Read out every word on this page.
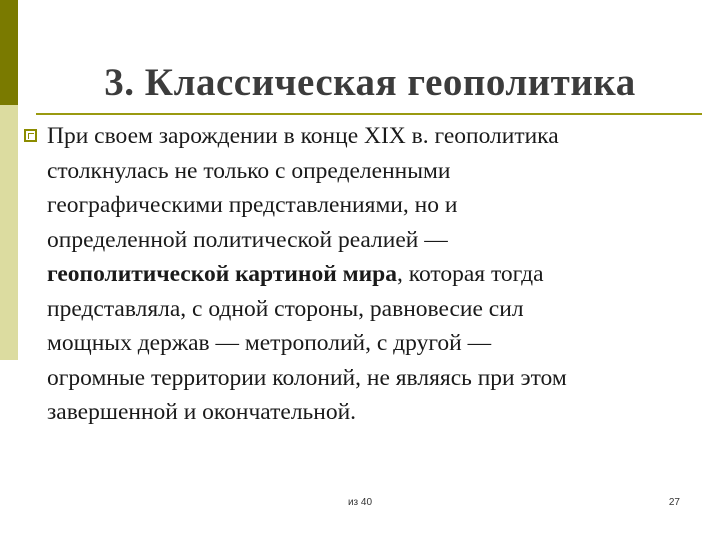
3. Классическая геополитика
При своем зарождении в конце XIX в. геополитика
столкнулась не только с определенными
географическими представлениями, но и
определенной политической реалией —
геополитической картиной мира, которая тогда
представляла, с одной стороны, равновесие сил
мощных держав — метрополий, с другой —
огромные территории колоний, не являясь при этом
завершенной и окончательной.
из 40	27
